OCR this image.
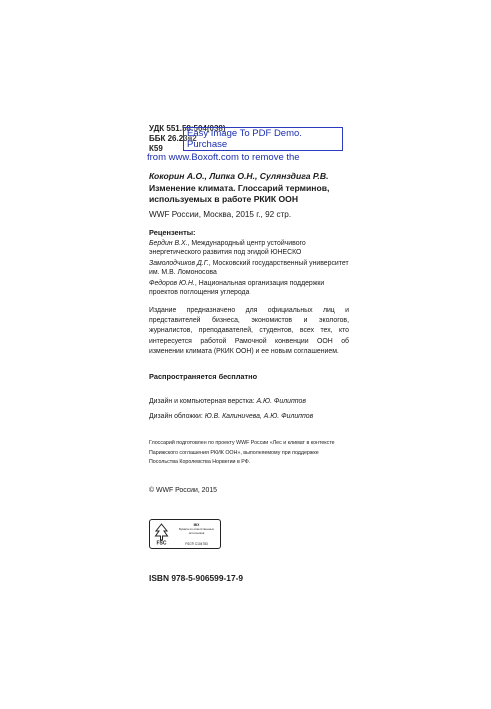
УДК 551.58:504(038)
ББК 26.23я2
К59
Easy Image To PDF Demo. Purchase
from www.Boxoft.com to remove the
Кокорин А.О., Липка О.Н., Сулянздига Р.В.
Изменение климата. Глоссарий терминов,
используемых в работе РКИК ООН
WWF России, Москва, 2015 г., 92 стр.
Рецензенты:
Бердин В.Х., Международный центр устойчивого энергетического развития под эгидой ЮНЕСКО
Замолодчиков Д.Г., Московский государственный университет им. М.В. Ломоносова
Федоров Ю.Н., Национальная организация поддержки проектов поглощения углерода
Издание предназначено для официальных лиц и представителей бизнеса, экономистов и экологов, журналистов, преподавателей, студентов, всех тех, кто интересуется работой Рамочной конвенции ООН об изменении климата (РКИК ООН) и ее новым соглашением.
Распространяется бесплатно
Дизайн и компьютерная верстка: А.Ю. Филиппов
Дизайн обложки: Ю.В. Калиничева, А.Ю. Филиппов
Глоссарий подготовлен по проекту WWF России «Лес и климат в контексте Парижского соглашения РКИК ООН», выполняемому при поддержке Посольства Королевства Норвегии в РФ.
© WWF России, 2015
FSC
MIX
Бумага из ответственных источников
FSC® C104783
ISBN 978-5-906599-17-9
